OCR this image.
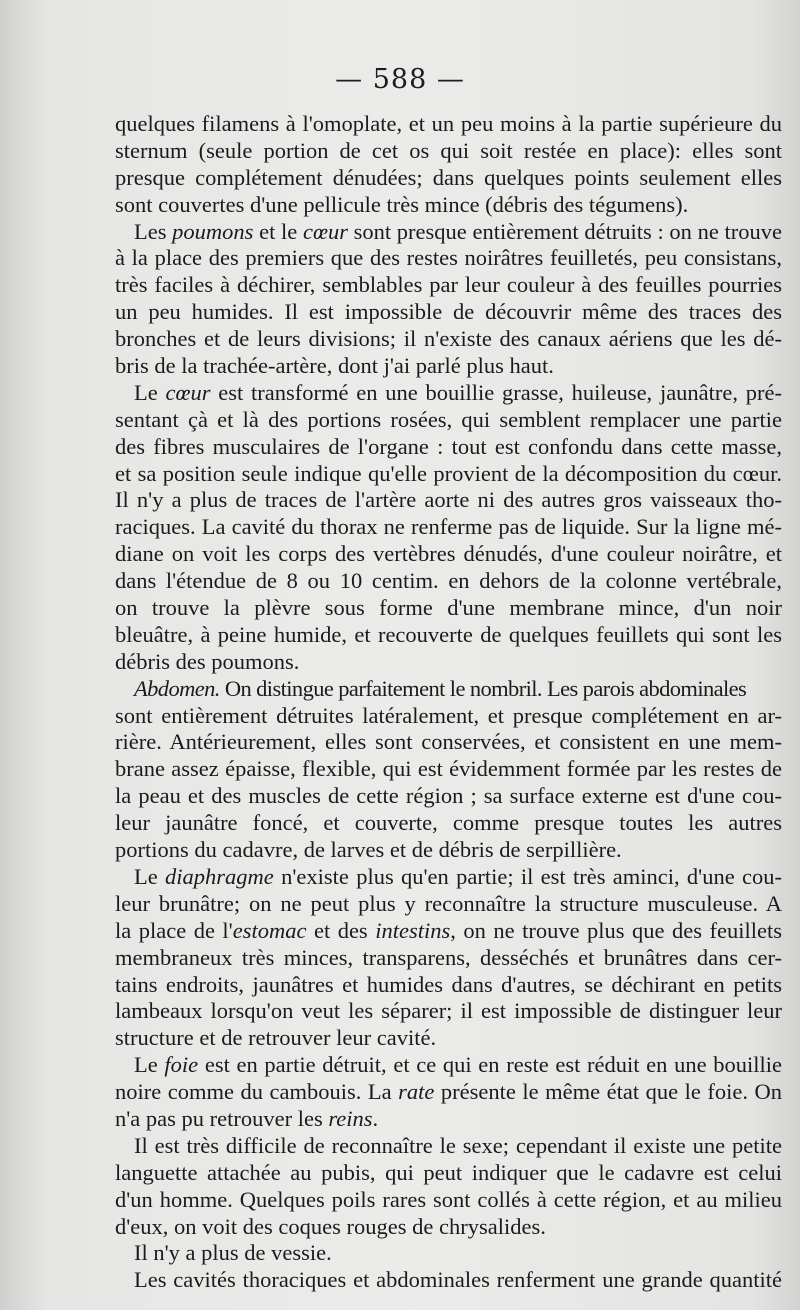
— 588 —
quelques filamens à l'omoplate, et un peu moins à la partie supérieure du
sternum (seule portion de cet os qui soit restée en place): elles sont
presque complétement dénudées; dans quelques points seulement elles
sont couvertes d'une pellicule très mince (débris des tégumens).
Les poumons et le cœur sont presque entièrement détruits : on ne trouve
à la place des premiers que des restes noirâtres feuilletés, peu consistans,
très faciles à déchirer, semblables par leur couleur à des feuilles pourries
un peu humides. Il est impossible de découvrir même des traces des
bronches et de leurs divisions; il n'existe des canaux aériens que les dé-
bris de la trachée-artère, dont j'ai parlé plus haut.
Le cœur est transformé en une bouillie grasse, huileuse, jaunâtre, pré-
sentant çà et là des portions rosées, qui semblent remplacer une partie
des fibres musculaires de l'organe : tout est confondu dans cette masse,
et sa position seule indique qu'elle provient de la décomposition du cœur.
Il n'y a plus de traces de l'artère aorte ni des autres gros vaisseaux tho-
raciques. La cavité du thorax ne renferme pas de liquide. Sur la ligne mé-
diane on voit les corps des vertèbres dénudés, d'une couleur noirâtre, et
dans l'étendue de 8 ou 10 centim. en dehors de la colonne vertébrale,
on trouve la plèvre sous forme d'une membrane mince, d'un noir
bleuâtre, à peine humide, et recouverte de quelques feuillets qui sont les
débris des poumons.
Abdomen. On distingue parfaitement le nombril. Les parois abdominales
sont entièrement détruites latéralement, et presque complétement en ar-
rière. Antérieurement, elles sont conservées, et consistent en une mem-
brane assez épaisse, flexible, qui est évidemment formée par les restes de
la peau et des muscles de cette région ; sa surface externe est d'une cou-
leur jaunâtre foncé, et couverte, comme presque toutes les autres
portions du cadavre, de larves et de débris de serpillière.
Le diaphragme n'existe plus qu'en partie; il est très aminci, d'une cou-
leur brunâtre; on ne peut plus y reconnaître la structure musculeuse. A
la place de l'estomac et des intestins, on ne trouve plus que des feuillets
membraneux très minces, transparens, desséchés et brunâtres dans cer-
tains endroits, jaunâtres et humides dans d'autres, se déchirant en petits
lambeaux lorsqu'on veut les séparer; il est impossible de distinguer leur
structure et de retrouver leur cavité.
Le foie est en partie détruit, et ce qui en reste est réduit en une bouillie
noire comme du cambouis. La rate présente le même état que le foie. On
n'a pas pu retrouver les reins.
Il est très difficile de reconnaître le sexe; cependant il existe une petite
languette attachée au pubis, qui peut indiquer que le cadavre est celui
d'un homme. Quelques poils rares sont collés à cette région, et au milieu
d'eux, on voit des coques rouges de chrysalides.
Il n'y a plus de vessie.
Les cavités thoraciques et abdominales renferment une grande quantité
